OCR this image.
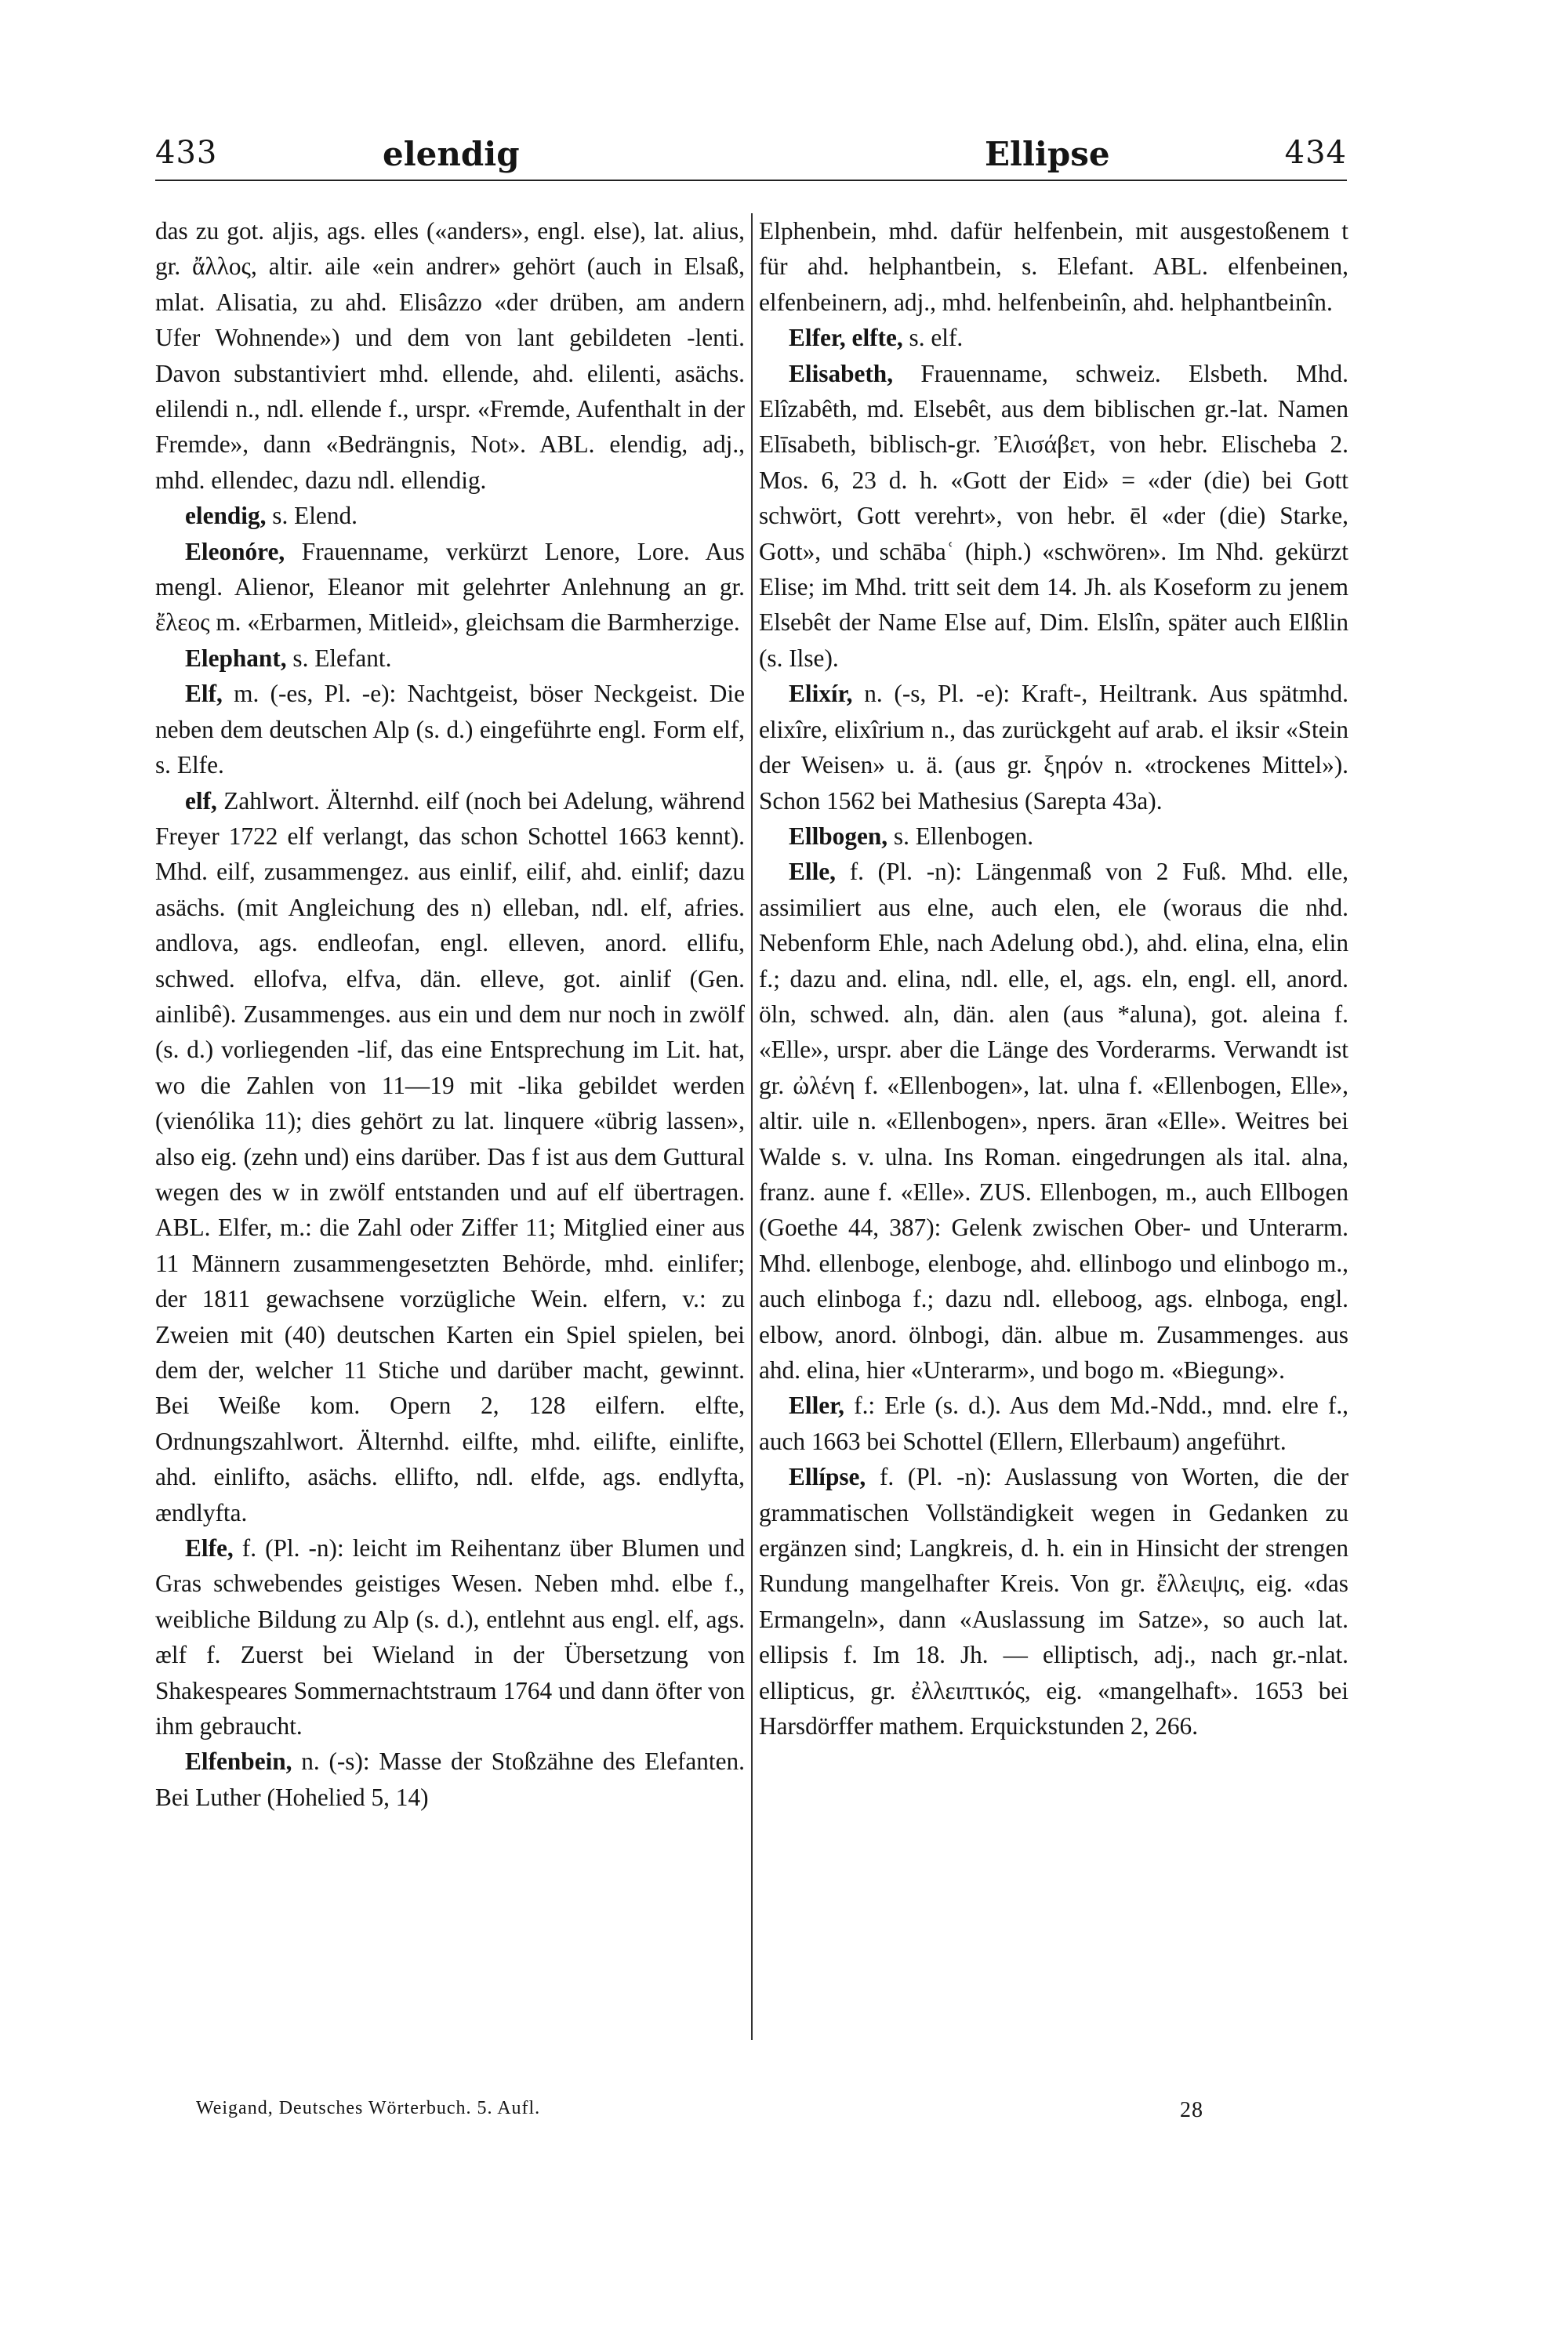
433	elendig	Ellipse	434

das zu got. aljis, ags. elles («anders», engl. else), lat. alius, gr. ἄλλος, altir. aile «ein andrer» gehört (auch in Elsaß, mlat. Alisatia, zu ahd. Elisâzzo «der drüben, am andern Ufer Wohnende») und dem von lant gebildeten -lenti. Davon substantiviert mhd. ellende, ahd. elilenti, asächs. elilendi n., ndl. ellende f., urspr. «Fremde, Aufenthalt in der Fremde», dann «Bedrängnis, Not». ABL. elendig, adj., mhd. ellendec, dazu ndl. ellendig.

elendig, s. Elend.

Eleonóre, Frauenname, verkürzt Lenore, Lore. Aus mengl. Alienor, Eleanor mit gelehrter Anlehnung an gr. ἔλεος m. «Erbarmen, Mitleid», gleichsam die Barmherzige.

Elephant, s. Elefant.

Elf, m. (-es, Pl. -e): Nachtgeist, böser Neckgeist. Die neben dem deutschen Alp (s. d.) eingeführte engl. Form elf, s. Elfe.

elf, Zahlwort. Älternhd. eilf (noch bei Adelung, während Freyer 1722 elf verlangt, das schon Schottel 1663 kennt). Mhd. eilf, zusammengez. aus einlif, eilif, ahd. einlif; dazu asächs. (mit Angleichung des n) elleban, ndl. elf, afries. andlova, ags. endleofan, engl. elleven, anord. ellifu, schwed. ellofva, elfva, dän. elleve, got. ainlif (Gen. ainlibê). Zusammenges. aus ein und dem nur noch in zwölf (s. d.) vorliegenden -lif, das eine Entsprechung im Lit. hat, wo die Zahlen von 11—19 mit -lika gebildet werden (vienólika 11); dies gehört zu lat. linquere «übrig lassen», also eig. (zehn und) eins darüber. Das f ist aus dem Guttural wegen des w in zwölf entstanden und auf elf übertragen. ABL. Elfer, m.: die Zahl oder Ziffer 11; Mitglied einer aus 11 Männern zusammengesetzten Behörde, mhd. einlifer; der 1811 gewachsene vorzügliche Wein. elfern, v.: zu Zweien mit (40) deutschen Karten ein Spiel spielen, bei dem der, welcher 11 Stiche und darüber macht, gewinnt. Bei Weiße kom. Opern 2, 128 eilfern. elfte, Ordnungszahlwort. Älternhd. eilfte, mhd. eilifte, einlifte, ahd. einlifto, asächs. ellifto, ndl. elfde, ags. endlyfta, ændlyfta.

Elfe, f. (Pl. -n): leicht im Reihentanz über Blumen und Gras schwebendes geistiges Wesen. Neben mhd. elbe f., weibliche Bildung zu Alp (s. d.), entlehnt aus engl. elf, ags. ælf f. Zuerst bei Wieland in der Übersetzung von Shakespeares Sommernachtstraum 1764 und dann öfter von ihm gebraucht.

Elfenbein, n. (-s): Masse der Stoßzähne des Elefanten. Bei Luther (Hohelied 5, 14)

Elphenbein, mhd. dafür helfenbein, mit ausgestoßenem t für ahd. helphantbein, s. Elefant. ABL. elfenbeinen, elfenbeinern, adj., mhd. helfenbeinîn, ahd. helphantbeinîn.

Elfer, elfte, s. elf.

Elisabeth, Frauenname, schweiz. Elsbeth. Mhd. Elîzabêth, md. Elsebêt, aus dem biblischen gr.-lat. Namen Elīsabeth, biblisch-gr. Ἐλισάβετ, von hebr. Elischeba 2. Mos. 6, 23 d. h. «Gott der Eid» = «der (die) bei Gott schwört, Gott verehrt», von hebr. ēl «der (die) Starke, Gott», und schābaʿ (hiph.) «schwören». Im Nhd. gekürzt Elise; im Mhd. tritt seit dem 14. Jh. als Koseform zu jenem Elsebêt der Name Else auf, Dim. Elslîn, später auch Elßlin (s. Ilse).

Elixír, n. (-s, Pl. -e): Kraft-, Heiltrank. Aus spätmhd. elixîre, elixîrium n., das zurückgeht auf arab. el iksir «Stein der Weisen» u. ä. (aus gr. ξηρόν n. «trockenes Mittel»). Schon 1562 bei Mathesius (Sarepta 43a).

Ellbogen, s. Ellenbogen.

Elle, f. (Pl. -n): Längenmaß von 2 Fuß. Mhd. elle, assimiliert aus elne, auch elen, ele (woraus die nhd. Nebenform Ehle, nach Adelung obd.), ahd. elina, elna, elin f.; dazu and. elina, ndl. elle, el, ags. eln, engl. ell, anord. öln, schwed. aln, dän. alen (aus *aluna), got. aleina f. «Elle», urspr. aber die Länge des Vorderarms. Verwandt ist gr. ὠλένη f. «Ellenbogen», lat. ulna f. «Ellenbogen, Elle», altir. uile n. «Ellenbogen», npers. āran «Elle». Weitres bei Walde s. v. ulna. Ins Roman. eingedrungen als ital. alna, franz. aune f. «Elle». ZUS. Ellenbogen, m., auch Ellbogen (Goethe 44, 387): Gelenk zwischen Ober- und Unterarm. Mhd. ellenboge, elenboge, ahd. ellinbogo und elinbogo m., auch elinboga f.; dazu ndl. elleboog, ags. elnboga, engl. elbow, anord. ölnbogi, dän. albue m. Zusammenges. aus ahd. elina, hier «Unterarm», und bogo m. «Biegung».

Eller, f.: Erle (s. d.). Aus dem Md.-Ndd., mnd. elre f., auch 1663 bei Schottel (Ellern, Ellerbaum) angeführt.

Ellípse, f. (Pl. -n): Auslassung von Worten, die der grammatischen Vollständigkeit wegen in Gedanken zu ergänzen sind; Langkreis, d. h. ein in Hinsicht der strengen Rundung mangelhafter Kreis. Von gr. ἔλλειψις, eig. «das Ermangeln», dann «Auslassung im Satze», so auch lat. ellipsis f. Im 18. Jh. — elliptisch, adj., nach gr.-nlat. ellipticus, gr. ἐλλειπτικός, eig. «mangelhaft». 1653 bei Harsdörffer mathem. Erquickstunden 2, 266.

Weigand, Deutsches Wörterbuch. 5. Aufl.	28
